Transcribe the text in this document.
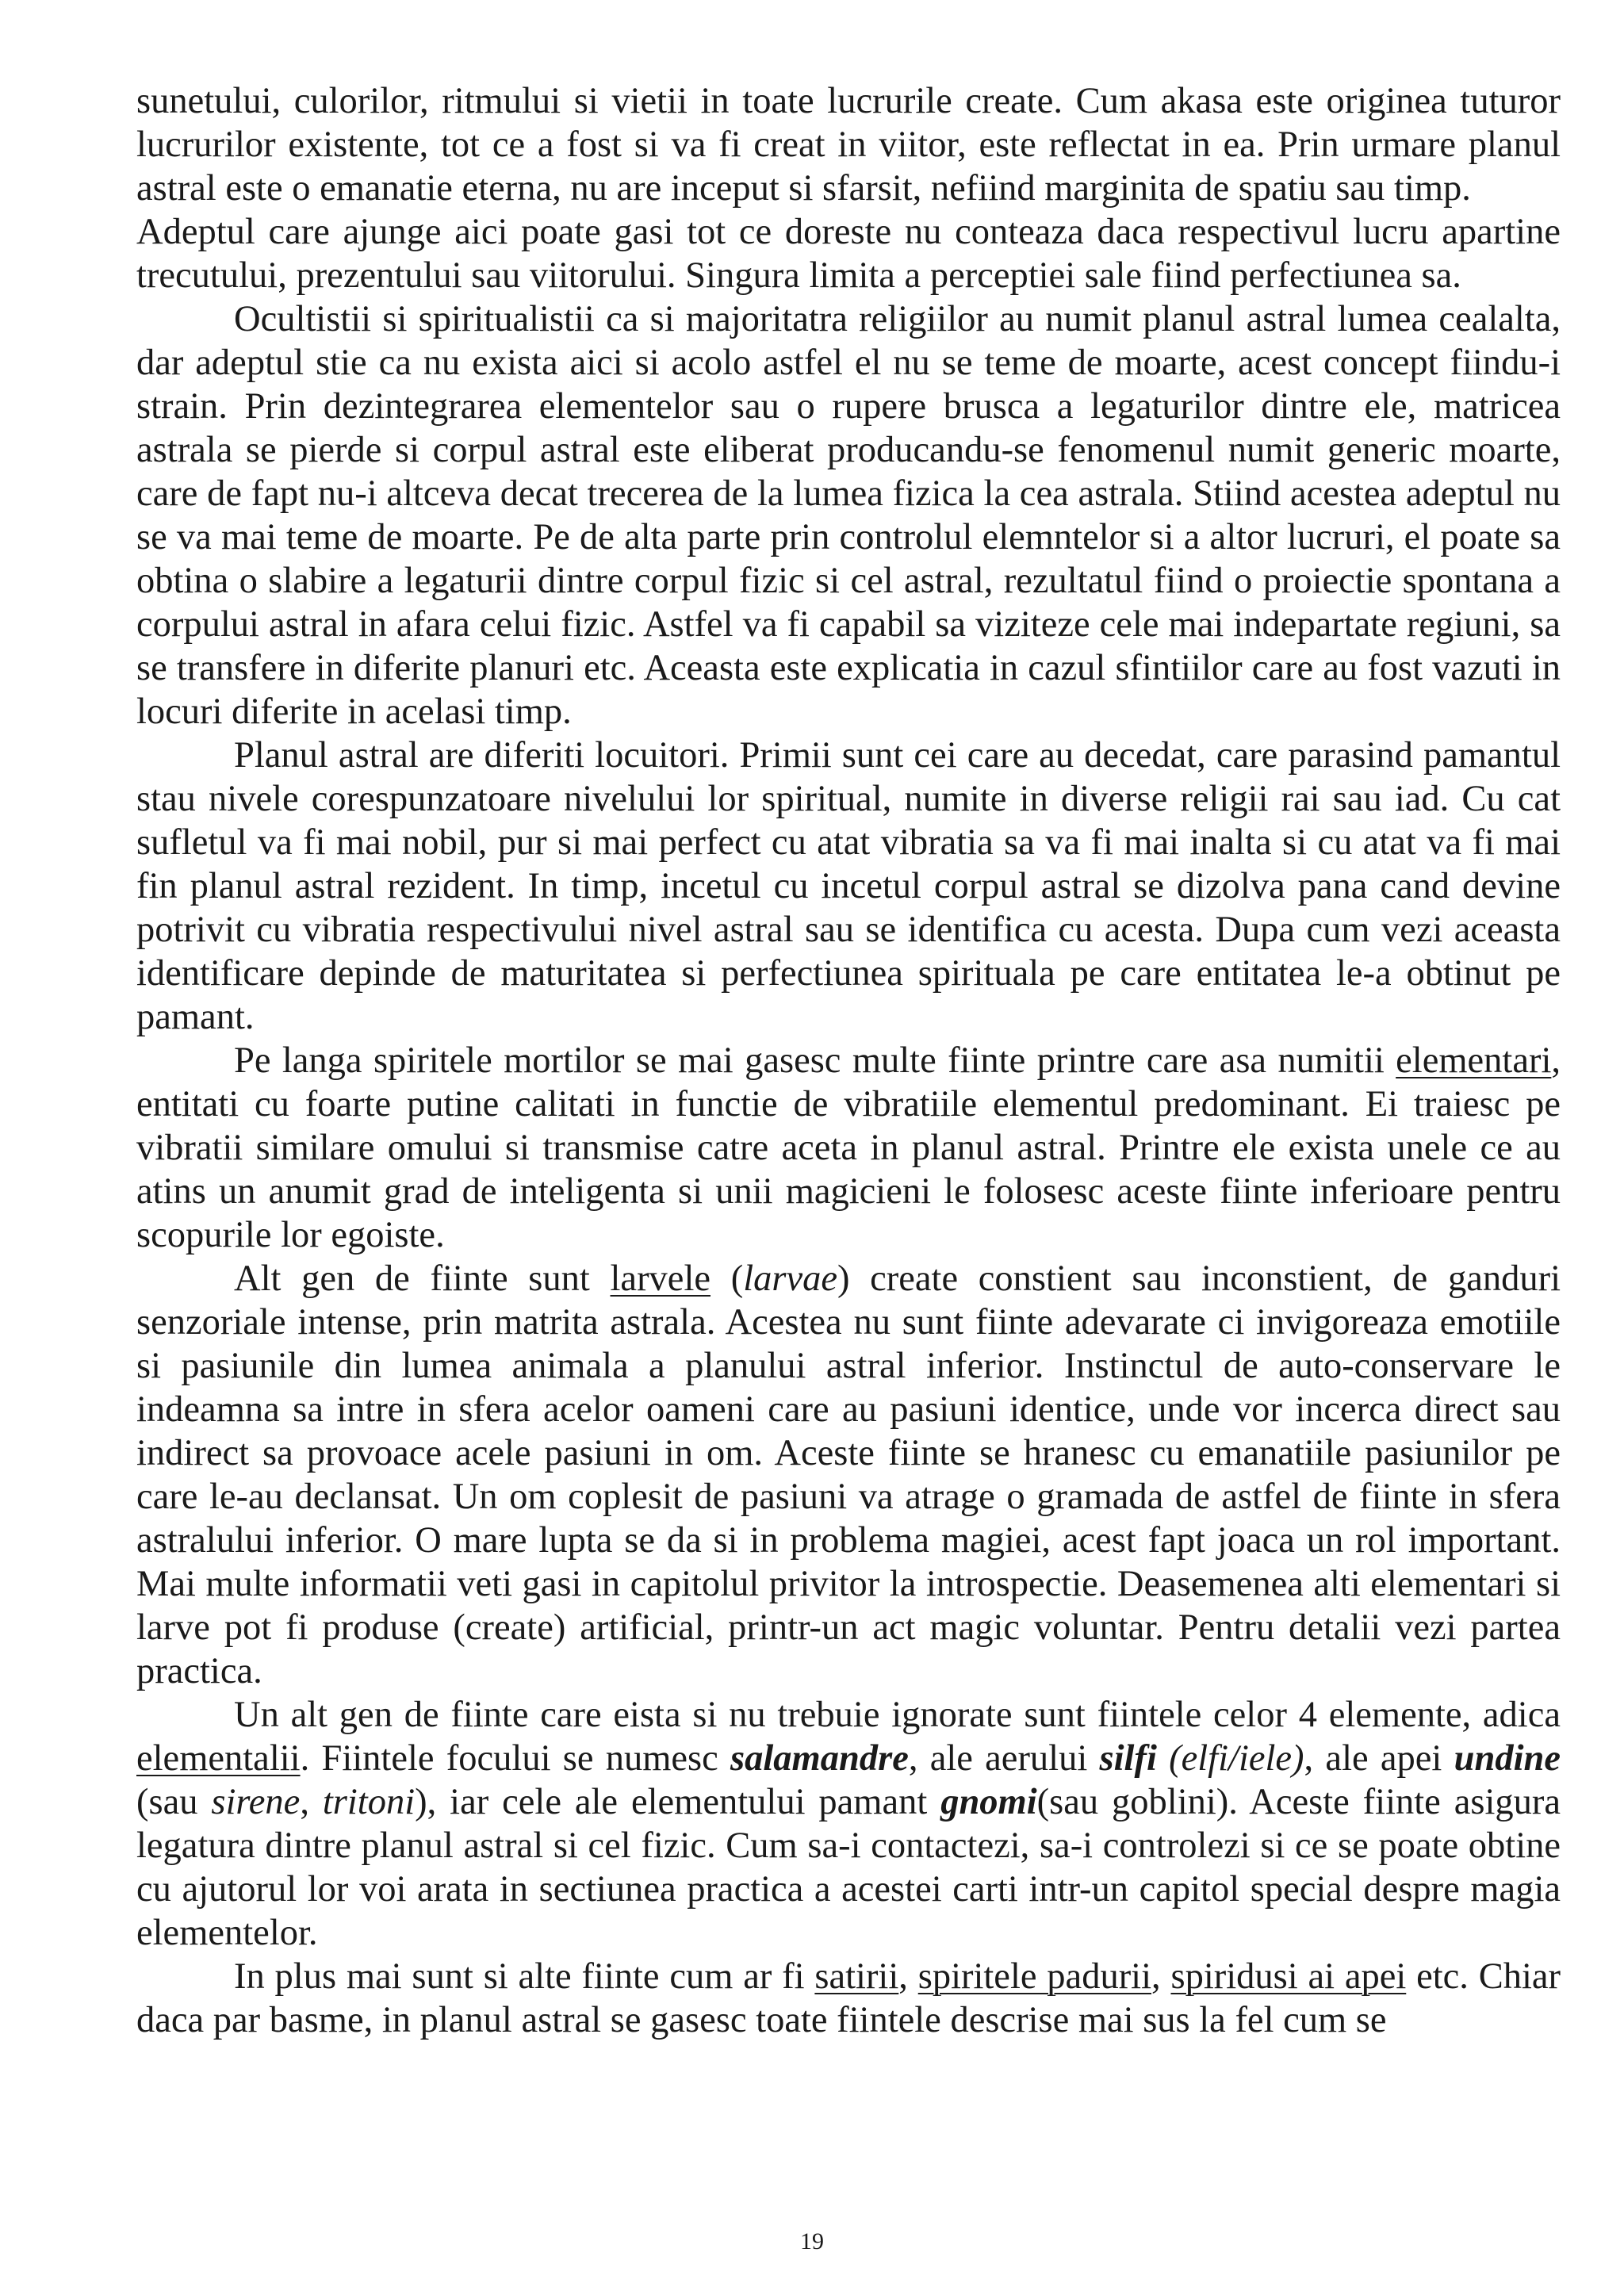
sunetului, culorilor, ritmului si vietii in toate lucrurile create. Cum akasa este originea tuturor lucrurilor existente, tot ce a fost si va fi creat in viitor, este reflectat in ea. Prin urmare planul astral este o emanatie eterna, nu are inceput si sfarsit, nefiind marginita de spatiu sau timp.

Adeptul care ajunge aici poate gasi tot ce doreste nu conteaza daca respectivul lucru apartine trecutului, prezentului sau viitorului. Singura limita a perceptiei sale fiind perfectiunea sa.

Ocultistii si spiritualistii ca si majoritatra religiilor au numit planul astral lumea cealalta, dar adeptul stie ca nu exista aici si acolo astfel el nu se teme de moarte, acest concept fiindu-i strain. Prin dezintegrarea elementelor sau o rupere brusca a legaturilor dintre ele, matricea astrala se pierde si corpul astral este eliberat producandu-se fenomenul numit generic moarte, care de fapt nu-i altceva decat trecerea de la lumea fizica la cea astrala. Stiind acestea adeptul nu se va mai teme de moarte. Pe de alta parte prin controlul elemntelor si a altor lucruri, el poate sa obtina o slabire a legaturii dintre corpul fizic si cel astral, rezultatul fiind o proiectie spontana a corpului astral in afara celui fizic. Astfel va fi capabil sa viziteze cele mai indepartate regiuni, sa se transfere in diferite planuri etc. Aceasta este explicatia in cazul sfintiilor care au fost vazuti in locuri diferite in acelasi timp.

Planul astral are diferiti locuitori. Primii sunt cei care au decedat, care parasind pamantul stau nivele corespunzatoare nivelului lor spiritual, numite in diverse religii rai sau iad. Cu cat sufletul va fi mai nobil, pur si mai perfect cu atat vibratia sa va fi mai inalta si cu atat va fi mai fin planul astral rezident. In timp, incetul cu incetul corpul astral se dizolva pana cand devine potrivit cu vibratia respectivului nivel astral sau se identifica cu acesta. Dupa cum vezi aceasta identificare depinde de maturitatea si perfectiunea spirituala pe care entitatea le-a obtinut pe pamant.

Pe langa spiritele mortilor se mai gasesc multe fiinte printre care asa numitii elementari, entitati cu foarte putine calitati in functie de vibratiile elementul predominant. Ei traiesc pe vibratii similare omului si transmise catre aceta in planul astral. Printre ele exista unele ce au atins un anumit grad de inteligenta si unii magicieni le folosesc aceste fiinte inferioare pentru scopurile lor egoiste.

Alt gen de fiinte sunt larvele (larvae) create constient sau inconstient, de ganduri senzoriale intense, prin matrita astrala. Acestea nu sunt fiinte adevarate ci invigoreaza emotiile si pasiunile din lumea animala a planului astral inferior. Instinctul de auto-conservare le indeamna sa intre in sfera acelor oameni care au pasiuni identice, unde vor incerca direct sau indirect sa provoace acele pasiuni in om. Aceste fiinte se hranesc cu emanatiile pasiunilor pe care le-au declansat. Un om coplesit de pasiuni va atrage o gramada de astfel de fiinte in sfera astralului inferior. O mare lupta se da si in problema magiei, acest fapt joaca un rol important. Mai multe informatii veti gasi in capitolul privitor la introspectie. Deasemenea alti elementari si larve pot fi produse (create) artificial, printr-un act magic voluntar. Pentru detalii vezi partea practica.

Un alt gen de fiinte care eista si nu trebuie ignorate sunt fiintele celor 4 elemente, adica elementalii. Fiintele focului se numesc salamandre, ale aerului silfi (elfi/iele), ale apei undine (sau sirene, tritoni), iar cele ale elementului pamant gnomi(sau goblini). Aceste fiinte asigura legatura dintre planul astral si cel fizic. Cum sa-i contactezi, sa-i controlezi si ce se poate obtine cu ajutorul lor voi arata in sectiunea practica a acestei carti intr-un capitol special despre magia elementelor.

In plus mai sunt si alte fiinte cum ar fi satirii, spiritele padurii, spiridusi ai apei etc. Chiar daca par basme, in planul astral se gasesc toate fiintele descrise mai sus la fel cum se

19
